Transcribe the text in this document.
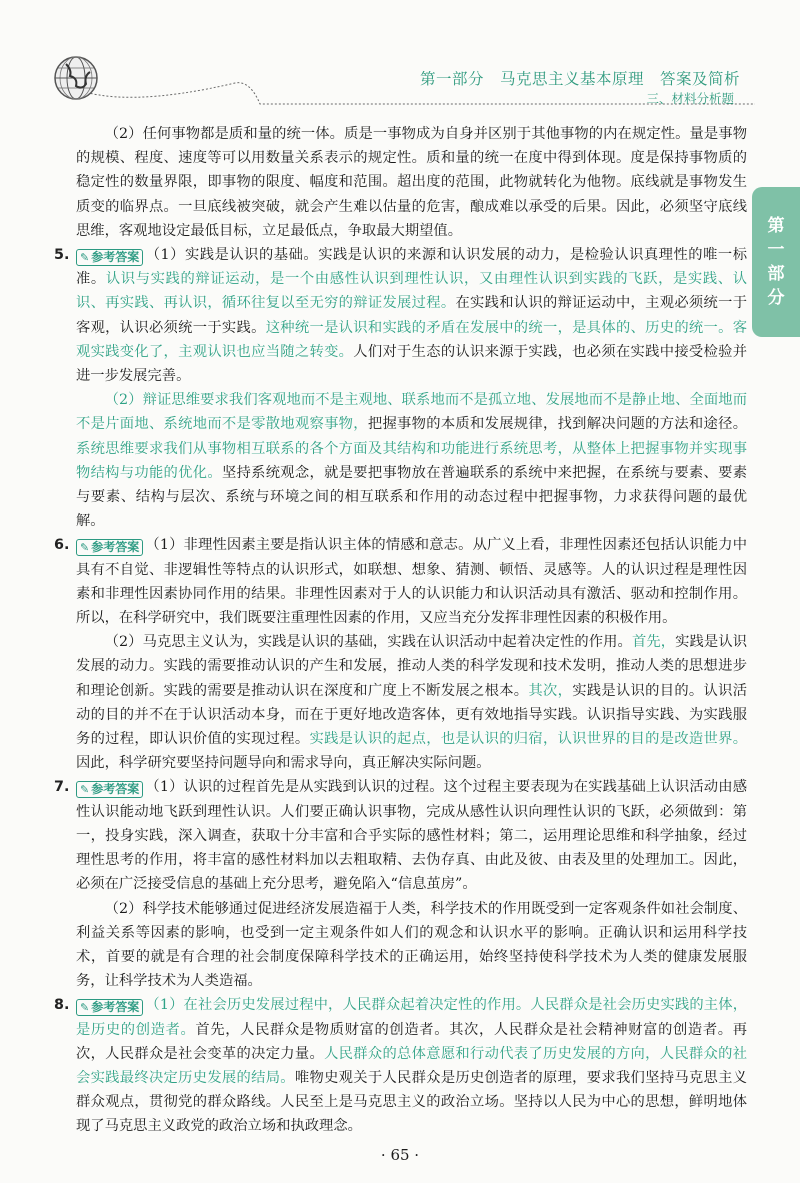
第一部分　马克思主义基本原理　答案及简析
三、材料分析题
第
一
部
分

（2）任何事物都是质和量的统一体。质是一事物成为自身并区别于其他事物的内在规定性。量是事物的规模、程度、速度等可以用数量关系表示的规定性。质和量的统一在度中得到体现。度是保持事物质的稳定性的数量界限，即事物的限度、幅度和范围。超出度的范围，此物就转化为他物。底线就是事物发生质变的临界点。一旦底线被突破，就会产生难以估量的危害，酿成难以承受的后果。因此，必须坚守底线思维，客观地设定最低目标，立足最低点，争取最大期望值。

5. ✎ 参考答案 （1）实践是认识的基础。实践是认识的来源和认识发展的动力，是检验认识真理性的唯一标准。认识与实践的辩证运动，是一个由感性认识到理性认识，又由理性认识到实践的飞跃，是实践、认识、再实践、再认识，循环往复以至无穷的辩证发展过程。在实践和认识的辩证运动中，主观必须统一于客观，认识必须统一于实践。这种统一是认识和实践的矛盾在发展中的统一，是具体的、历史的统一。客观实践变化了，主观认识也应当随之转变。人们对于生态的认识来源于实践，也必须在实践中接受检验并进一步发展完善。

（2）辩证思维要求我们客观地而不是主观地、联系地而不是孤立地、发展地而不是静止地、全面地而不是片面地、系统地而不是零散地观察事物，把握事物的本质和发展规律，找到解决问题的方法和途径。系统思维要求我们从事物相互联系的各个方面及其结构和功能进行系统思考，从整体上把握事物并实现事物结构与功能的优化。坚持系统观念，就是要把事物放在普遍联系的系统中来把握，在系统与要素、要素与要素、结构与层次、系统与环境之间的相互联系和作用的动态过程中把握事物，力求获得问题的最优解。

6. ✎ 参考答案 （1）非理性因素主要是指认识主体的情感和意志。从广义上看，非理性因素还包括认识能力中具有不自觉、非逻辑性等特点的认识形式，如联想、想象、猜测、顿悟、灵感等。人的认识过程是理性因素和非理性因素协同作用的结果。非理性因素对于人的认识能力和认识活动具有激活、驱动和控制作用。所以，在科学研究中，我们既要注重理性因素的作用，又应当充分发挥非理性因素的积极作用。

（2）马克思主义认为，实践是认识的基础，实践在认识活动中起着决定性的作用。首先，实践是认识发展的动力。实践的需要推动认识的产生和发展，推动人类的科学发现和技术发明，推动人类的思想进步和理论创新。实践的需要是推动认识在深度和广度上不断发展之根本。其次，实践是认识的目的。认识活动的目的并不在于认识活动本身，而在于更好地改造客体，更有效地指导实践。认识指导实践、为实践服务的过程，即认识价值的实现过程。实践是认识的起点，也是认识的归宿，认识世界的目的是改造世界。因此，科学研究要坚持问题导向和需求导向，真正解决实际问题。

7. ✎ 参考答案 （1）认识的过程首先是从实践到认识的过程。这个过程主要表现为在实践基础上认识活动由感性认识能动地飞跃到理性认识。人们要正确认识事物，完成从感性认识向理性认识的飞跃，必须做到：第一，投身实践，深入调查，获取十分丰富和合乎实际的感性材料；第二，运用理论思维和科学抽象，经过理性思考的作用，将丰富的感性材料加以去粗取精、去伪存真、由此及彼、由表及里的处理加工。因此，必须在广泛接受信息的基础上充分思考，避免陷入“信息茧房”。

（2）科学技术能够通过促进经济发展造福于人类，科学技术的作用既受到一定客观条件如社会制度、利益关系等因素的影响，也受到一定主观条件如人们的观念和认识水平的影响。正确认识和运用科学技术，首要的就是有合理的社会制度保障科学技术的正确运用，始终坚持使科学技术为人类的健康发展服务，让科学技术为人类造福。

8. ✎ 参考答案 （1）在社会历史发展过程中，人民群众起着决定性的作用。人民群众是社会历史实践的主体，是历史的创造者。首先，人民群众是物质财富的创造者。其次，人民群众是社会精神财富的创造者。再次，人民群众是社会变革的决定力量。人民群众的总体意愿和行动代表了历史发展的方向，人民群众的社会实践最终决定历史发展的结局。唯物史观关于人民群众是历史创造者的原理，要求我们坚持马克思主义群众观点，贯彻党的群众路线。人民至上是马克思主义的政治立场。坚持以人民为中心的思想，鲜明地体现了马克思主义政党的政治立场和执政理念。

· 65 ·
